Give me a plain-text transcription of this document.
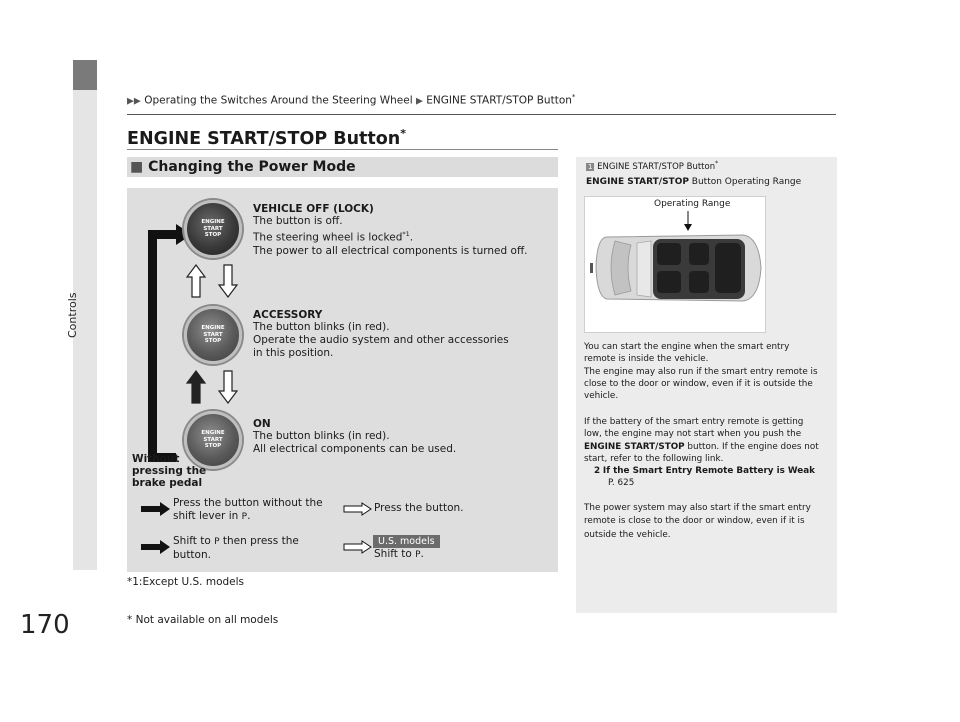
Controls
170
▶▶ Operating the Switches Around the Steering Wheel ▶ ENGINE START/STOP Button*
ENGINE START/STOP Button*
■ Changing the Power Mode
ENGINE
START
STOP
ENGINE
START
STOP
ENGINE
START
STOP
VEHICLE OFF (LOCK)
The button is off.
The steering wheel is locked$^{*1}$.
The power to all electrical components is turned off.
ACCESSORY
The button blinks (in red).
Operate the audio system and other accessories
in this position.
ON
The button blinks (in red).
All electrical components can be used.
Without
pressing the
brake pedal
Press the button without the
shift lever in P.
Press the button.
Shift to P then press the
button.
U.S. models
Shift to P.
*1:Except U.S. models
* Not available on all models
1 ENGINE START/STOP Button*
ENGINE START/STOP Button Operating Range
Operating Range
You can start the engine when the smart entry
remote is inside the vehicle.
The engine may also run if the smart entry remote is
close to the door or window, even if it is outside the
vehicle.
If the battery of the smart entry remote is getting
low, the engine may not start when you push the
ENGINE START/STOP button. If the engine does not
start, refer to the following link.
2 If the Smart Entry Remote Battery is Weak
P. 625
The power system may also start if the smart entry
remote is close to the door or window, even if it is
outside the vehicle.
